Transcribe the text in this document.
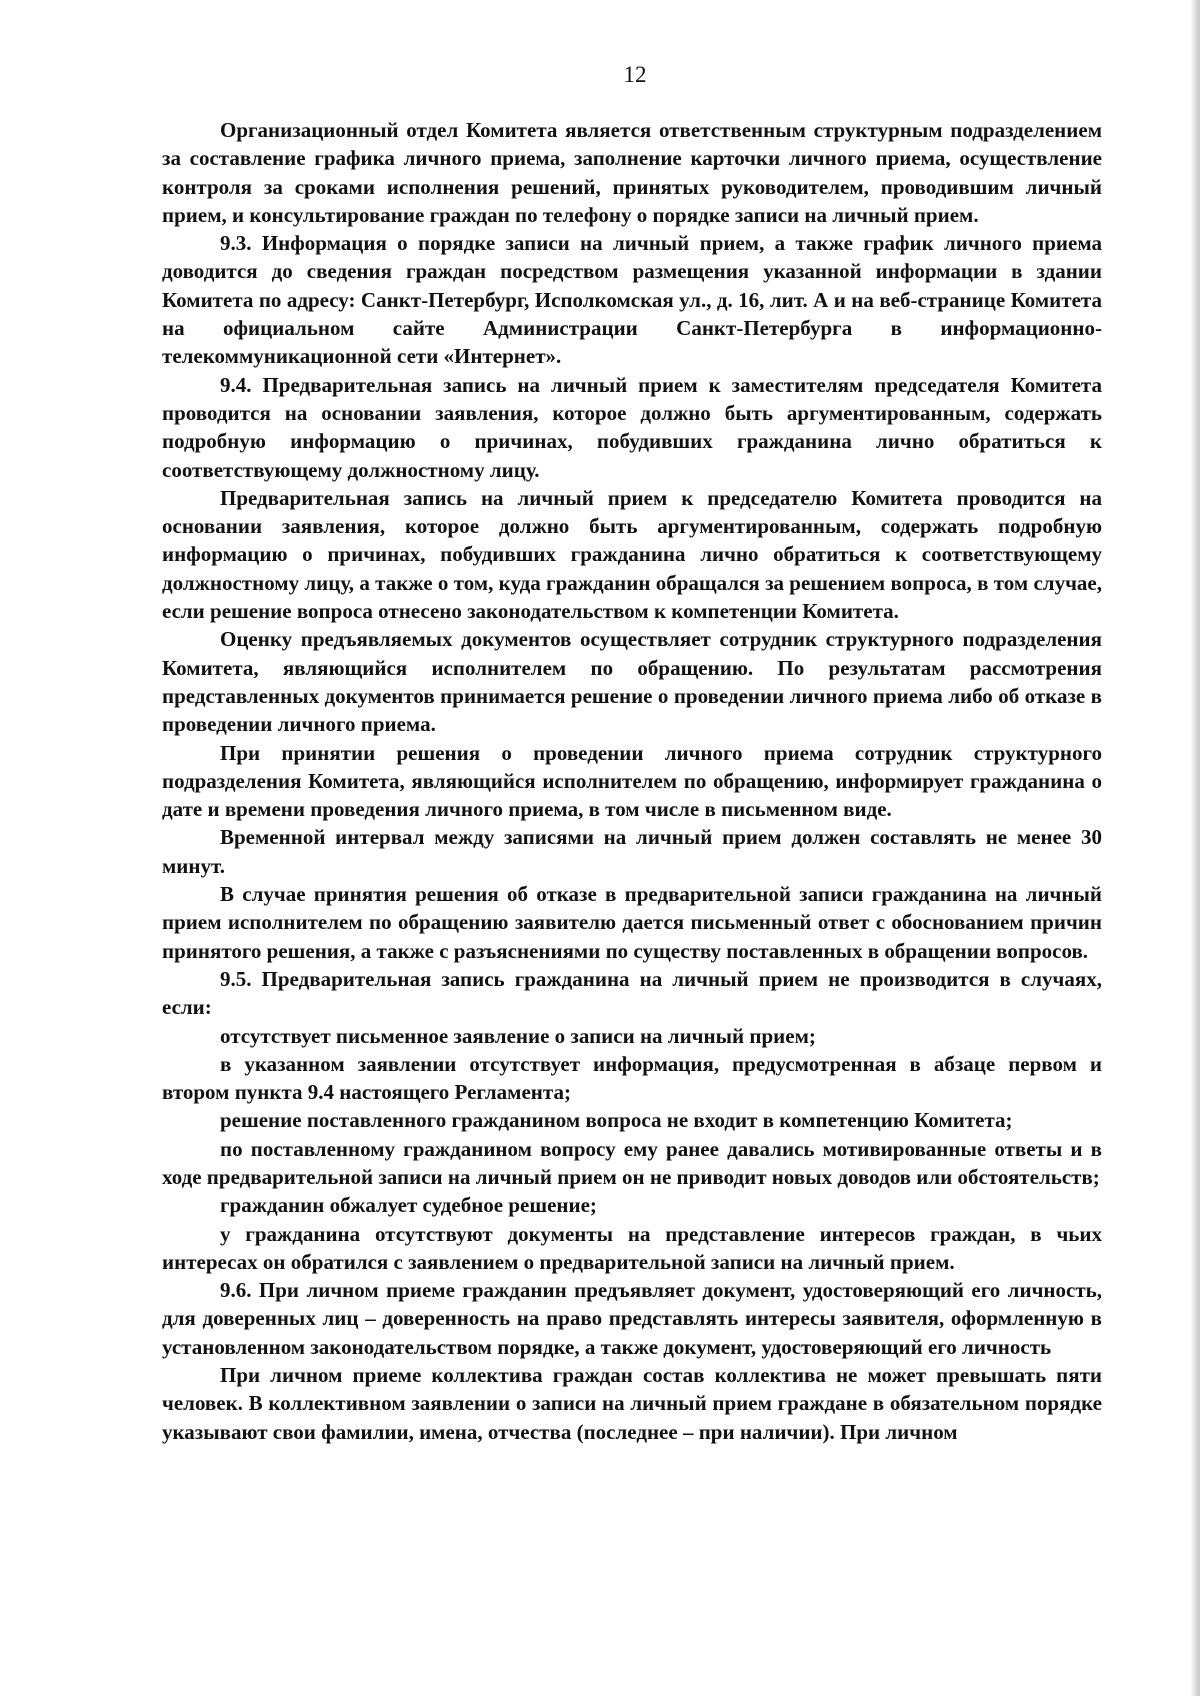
12

Организационный отдел Комитета является ответственным структурным подразделением за составление графика личного приема, заполнение карточки личного приема, осуществление контроля за сроками исполнения решений, принятых руководителем, проводившим личный прием, и консультирование граждан по телефону о порядке записи на личный прием.

9.3. Информация о порядке записи на личный прием, а также график личного приема доводится до сведения граждан посредством размещения указанной информации в здании Комитета по адресу: Санкт-Петербург, Исполкомская ул., д. 16, лит. А и на веб-странице Комитета на официальном сайте Администрации Санкт-Петербурга в информационно-телекоммуникационной сети «Интернет».

9.4. Предварительная запись на личный прием к заместителям председателя Комитета проводится на основании заявления, которое должно быть аргументированным, содержать подробную информацию о причинах, побудивших гражданина лично обратиться к соответствующему должностному лицу.

Предварительная запись на личный прием к председателю Комитета проводится на основании заявления, которое должно быть аргументированным, содержать подробную информацию о причинах, побудивших гражданина лично обратиться к соответствующему должностному лицу, а также о том, куда гражданин обращался за решением вопроса, в том случае, если решение вопроса отнесено законодательством к компетенции Комитета.

Оценку предъявляемых документов осуществляет сотрудник структурного подразделения Комитета, являющийся исполнителем по обращению. По результатам рассмотрения представленных документов принимается решение о проведении личного приема либо об отказе в проведении личного приема.

При принятии решения о проведении личного приема сотрудник структурного подразделения Комитета, являющийся исполнителем по обращению, информирует гражданина о дате и времени проведения личного приема, в том числе в письменном виде.

Временной интервал между записями на личный прием должен составлять не менее 30 минут.

В случае принятия решения об отказе в предварительной записи гражданина на личный прием исполнителем по обращению заявителю дается письменный ответ с обоснованием причин принятого решения, а также с разъяснениями по существу поставленных в обращении вопросов.

9.5. Предварительная запись гражданина на личный прием не производится в случаях, если:

отсутствует письменное заявление о записи на личный прием;

в указанном заявлении отсутствует информация, предусмотренная в абзаце первом и втором пункта 9.4 настоящего Регламента;

решение поставленного гражданином вопроса не входит в компетенцию Комитета;

по поставленному гражданином вопросу ему ранее давались мотивированные ответы и в ходе предварительной записи на личный прием он не приводит новых доводов или обстоятельств;

гражданин обжалует судебное решение;

у гражданина отсутствуют документы на представление интересов граждан, в чьих интересах он обратился с заявлением о предварительной записи на личный прием.

9.6. При личном приеме гражданин предъявляет документ, удостоверяющий его личность, для доверенных лиц – доверенность на право представлять интересы заявителя, оформленную в установленном законодательством порядке, а также документ, удостоверяющий его личность

При личном приеме коллектива граждан состав коллектива не может превышать пяти человек. В коллективном заявлении о записи на личный прием граждане в обязательном порядке указывают свои фамилии, имена, отчества (последнее – при наличии). При личном
